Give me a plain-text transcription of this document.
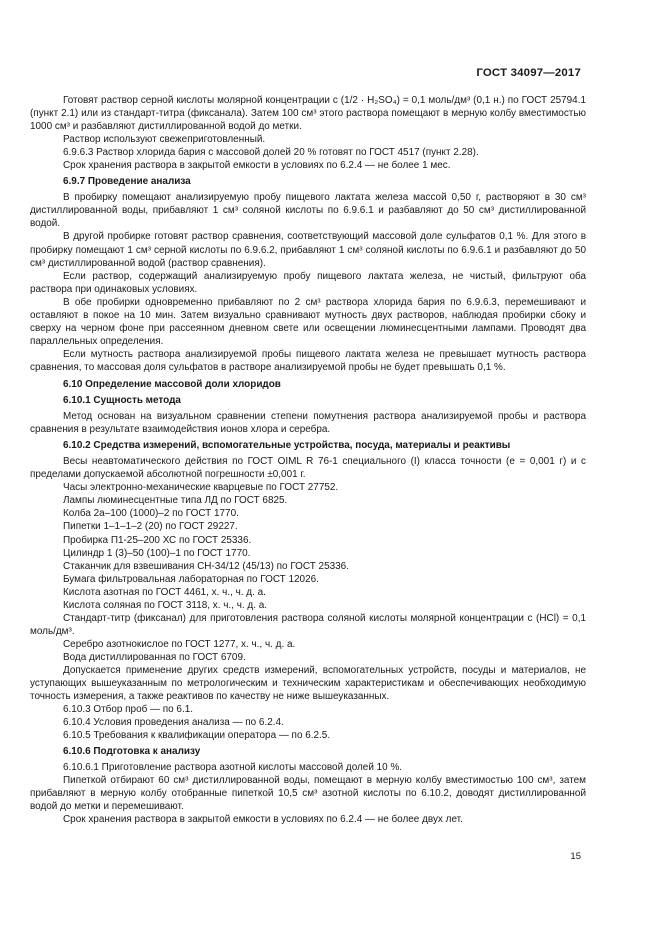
ГОСТ 34097—2017

Готовят раствор серной кислоты молярной концентрации c (1/2 · H₂SO₄) = 0,1 моль/дм³ (0,1 н.) по ГОСТ 25794.1 (пункт 2.1) или из стандарт-титра (фиксанала). Затем 100 см³ этого раствора помещают в мерную колбу вместимостью 1000 см³ и разбавляют дистиллированной водой до метки.

Раствор используют свежеприготовленный.

6.9.6.3 Раствор хлорида бария с массовой долей 20 % готовят по ГОСТ 4517 (пункт 2.28).

Срок хранения раствора в закрытой емкости в условиях по 6.2.4 — не более 1 мес.

6.9.7 Проведение анализа

В пробирку помещают анализируемую пробу пищевого лактата железа массой 0,50 г, растворяют в 30 см³ дистиллированной воды, прибавляют 1 см³ соляной кислоты по 6.9.6.1 и разбавляют до 50 см³ дистиллированной водой.

В другой пробирке готовят раствор сравнения, соответствующий массовой доле сульфатов 0,1 %. Для этого в пробирку помещают 1 см³ серной кислоты по 6.9.6.2, прибавляют 1 см³ соляной кислоты по 6.9.6.1 и разбавляют до 50 см³ дистиллированной водой (раствор сравнения).

Если раствор, содержащий анализируемую пробу пищевого лактата железа, не чистый, фильтруют оба раствора при одинаковых условиях.

В обе пробирки одновременно прибавляют по 2 см³ раствора хлорида бария по 6.9.6.3, перемешивают и оставляют в покое на 10 мин. Затем визуально сравнивают мутность двух растворов, наблюдая пробирки сбоку и сверху на черном фоне при рассеянном дневном свете или освещении люминесцентными лампами. Проводят два параллельных определения.

Если мутность раствора анализируемой пробы пищевого лактата железа не превышает мутность раствора сравнения, то массовая доля сульфатов в растворе анализируемой пробы не будет превышать 0,1 %.

6.10 Определение массовой доли хлоридов

6.10.1 Сущность метода

Метод основан на визуальном сравнении степени помутнения раствора анализируемой пробы и раствора сравнения в результате взаимодействия ионов хлора и серебра.

6.10.2 Средства измерений, вспомогательные устройства, посуда, материалы и реактивы

Весы неавтоматического действия по ГОСТ OIML R 76-1 специального (I) класса точности (e = 0,001 г) и с пределами допускаемой абсолютной погрешности ±0,001 г.

Часы электронно-механические кварцевые по ГОСТ 27752.

Лампы люминесцентные типа ЛД по ГОСТ 6825.

Колба 2а–100 (1000)–2 по ГОСТ 1770.

Пипетки 1–1–1–2 (20) по ГОСТ 29227.

Пробирка П1-25–200 ХС по ГОСТ 25336.

Цилиндр 1 (3)–50 (100)–1 по ГОСТ 1770.

Стаканчик для взвешивания СН-34/12 (45/13) по ГОСТ 25336.

Бумага фильтровальная лабораторная по ГОСТ 12026.

Кислота азотная по ГОСТ 4461, х. ч., ч. д. а.

Кислота соляная по ГОСТ 3118, х. ч., ч. д. а.

Стандарт-титр (фиксанал) для приготовления раствора соляной кислоты молярной концентрации c (HCl) = 0,1 моль/дм³.

Серебро азотнокислое по ГОСТ 1277, х. ч., ч. д. а.

Вода дистиллированная по ГОСТ 6709.

Допускается применение других средств измерений, вспомогательных устройств, посуды и материалов, не уступающих вышеуказанным по метрологическим и техническим характеристикам и обеспечивающих необходимую точность измерения, а также реактивов по качеству не ниже вышеуказанных.

6.10.3 Отбор проб — по 6.1.

6.10.4 Условия проведения анализа — по 6.2.4.

6.10.5 Требования к квалификации оператора — по 6.2.5.

6.10.6 Подготовка к анализу

6.10.6.1 Приготовление раствора азотной кислоты массовой долей 10 %.

Пипеткой отбирают 60 см³ дистиллированной воды, помещают в мерную колбу вместимостью 100 см³, затем прибавляют в мерную колбу отобранные пипеткой 10,5 см³ азотной кислоты по 6.10.2, доводят дистиллированной водой до метки и перемешивают.

Срок хранения раствора в закрытой емкости в условиях по 6.2.4 — не более двух лет.

15
